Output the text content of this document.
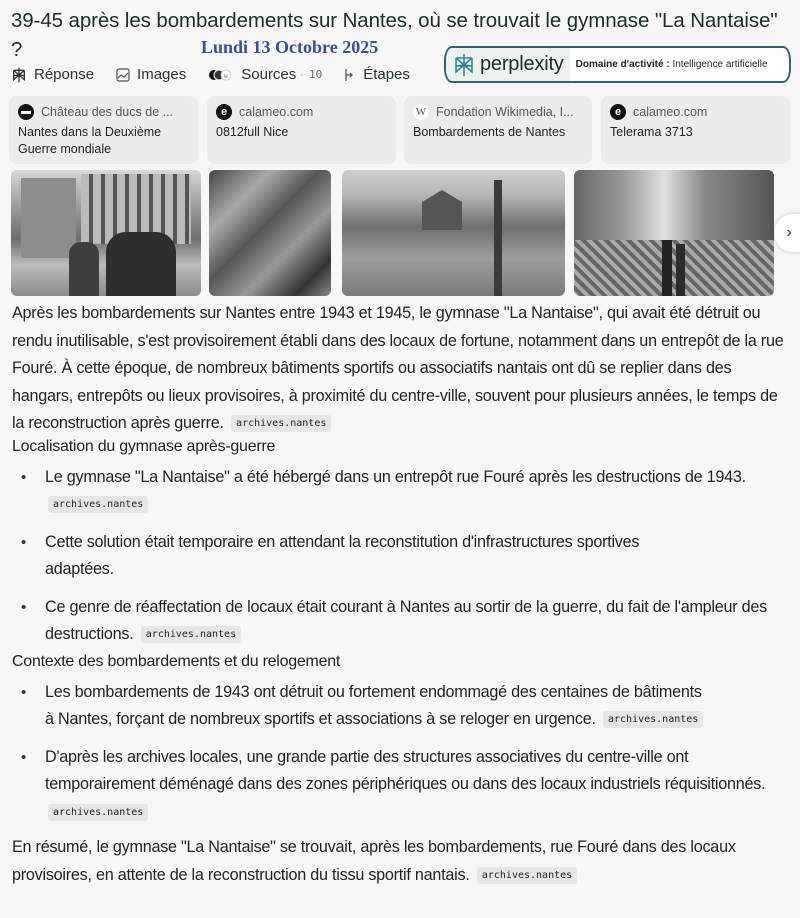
39-45 après les bombardements sur Nantes, où se trouvait le gymnase "La Nantaise" ?	Lundi 13 Octobre 2025
perplexity Domaine d'activité : Intelligence artificielle
Réponse	Images	w Sources · 10	Étapes
Château des ducs de ...
Nantes dans la Deuxième Guerre mondiale
e calameo.com
0812full Nice
W Fondation Wikimedia, I...
Bombardements de Nantes
e calameo.com
Telerama 3713
›

Après les bombardements sur Nantes entre 1943 et 1945, le gymnase "La Nantaise", qui avait été détruit ou rendu inutilisable, s'est provisoirement établi dans des locaux de fortune, notamment dans un entrepôt de la rue Fouré. À cette époque, de nombreux bâtiments sportifs ou associatifs nantais ont dû se replier dans des hangars, entrepôts ou lieux provisoires, à proximité du centre-ville, souvent pour plusieurs années, le temps de la reconstruction après guerre. archives.nantes

Localisation du gymnase après-guerre
• Le gymnase "La Nantaise" a été hébergé dans un entrepôt rue Fouré après les destructions de 1943. archives.nantes
• Cette solution était temporaire en attendant la reconstitution d'infrastructures sportives adaptées.
• Ce genre de réaffectation de locaux était courant à Nantes au sortir de la guerre, du fait de l'ampleur des destructions. archives.nantes
Contexte des bombardements et du relogement
• Les bombardements de 1943 ont détruit ou fortement endommagé des centaines de bâtiments à Nantes, forçant de nombreux sportifs et associations à se reloger en urgence. archives.nantes
• D'après les archives locales, une grande partie des structures associatives du centre-ville ont temporairement déménagé dans des zones périphériques ou dans des locaux industriels réquisitionnés. archives.nantes

En résumé, le gymnase "La Nantaise" se trouvait, après les bombardements, rue Fouré dans des locaux provisoires, en attente de la reconstruction du tissu sportif nantais. archives.nantes
